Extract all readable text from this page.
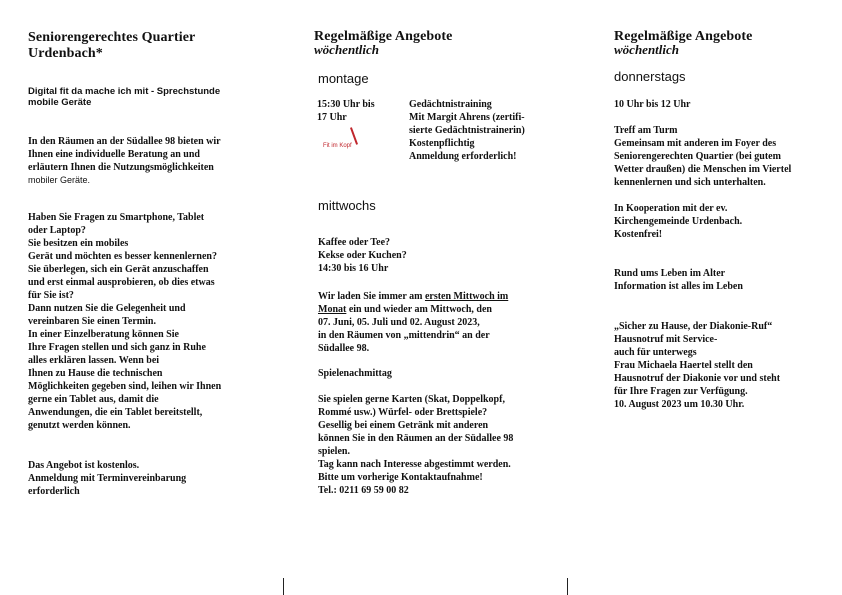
Seniorengerechtes Quartier
Urdenbach*
Digital fit da mache ich mit - Sprechstunde
mobile Geräte
In den Räumen an der Südallee 98 bieten wir
Ihnen eine individuelle Beratung an und
erläutern Ihnen die Nutzungsmöglichkeiten
mobiler Geräte.
Haben Sie Fragen zu Smartphone, Tablet
oder Laptop?
Sie besitzen ein mobiles
Gerät und möchten es besser kennenlernen?
Sie überlegen, sich ein Gerät anzuschaffen
und erst einmal ausprobieren, ob dies etwas
für Sie ist?
Dann nutzen Sie die Gelegenheit und
vereinbaren Sie einen Termin.
In einer Einzelberatung können Sie
Ihre Fragen stellen und sich ganz in Ruhe
alles erklären lassen. Wenn bei
Ihnen zu Hause die technischen
Möglichkeiten gegeben sind, leihen wir Ihnen
gerne ein Tablet aus, damit die
Anwendungen, die ein Tablet bereitstellt,
genutzt werden können.
Das Angebot ist kostenlos.
Anmeldung mit Terminvereinbarung
erforderlich
Regelmäßige Angebote
wöchentlich
montage
15:30 Uhr bis
17 Uhr
Gedächtnistraining
Mit Margit Ahrens (zertifi-
sierte Gedächtnistrainerin)
Kostenpflichtig
Anmeldung erforderlich!
Fit im Kopf
mittwochs
Kaffee oder Tee?
Kekse oder Kuchen?
14:30 bis 16 Uhr
Wir laden Sie immer am ersten Mittwoch im
Monat ein und wieder am Mittwoch, den
07. Juni, 05. Juli und 02. August 2023,
in den Räumen von „mittendrin“ an der
Südallee 98.
Spielenachmittag
Sie spielen gerne Karten (Skat, Doppelkopf,
Rommé usw.) Würfel- oder Brettspiele?
Gesellig bei einem Getränk mit anderen
können Sie in den Räumen an der Südallee 98
spielen.
Tag kann nach Interesse abgestimmt werden.
Bitte um vorherige Kontaktaufnahme!
Tel.: 0211 69 59 00 82
Regelmäßige Angebote
wöchentlich
donnerstags
10 Uhr bis 12 Uhr
Treff am Turm
Gemeinsam mit anderen im Foyer des
Seniorengerechten Quartier (bei gutem
Wetter draußen) die Menschen im Viertel
kennenlernen und sich unterhalten.
In Kooperation mit der ev.
Kirchengemeinde Urdenbach.
Kostenfrei!
Rund ums Leben im Alter
Information ist alles im Leben
„Sicher zu Hause, der Diakonie-Ruf“
Hausnotruf mit Service-
auch für unterwegs
Frau Michaela Haertel stellt den
Hausnotruf der Diakonie vor und steht
für Ihre Fragen zur Verfügung.
10. August 2023 um 10.30 Uhr.
